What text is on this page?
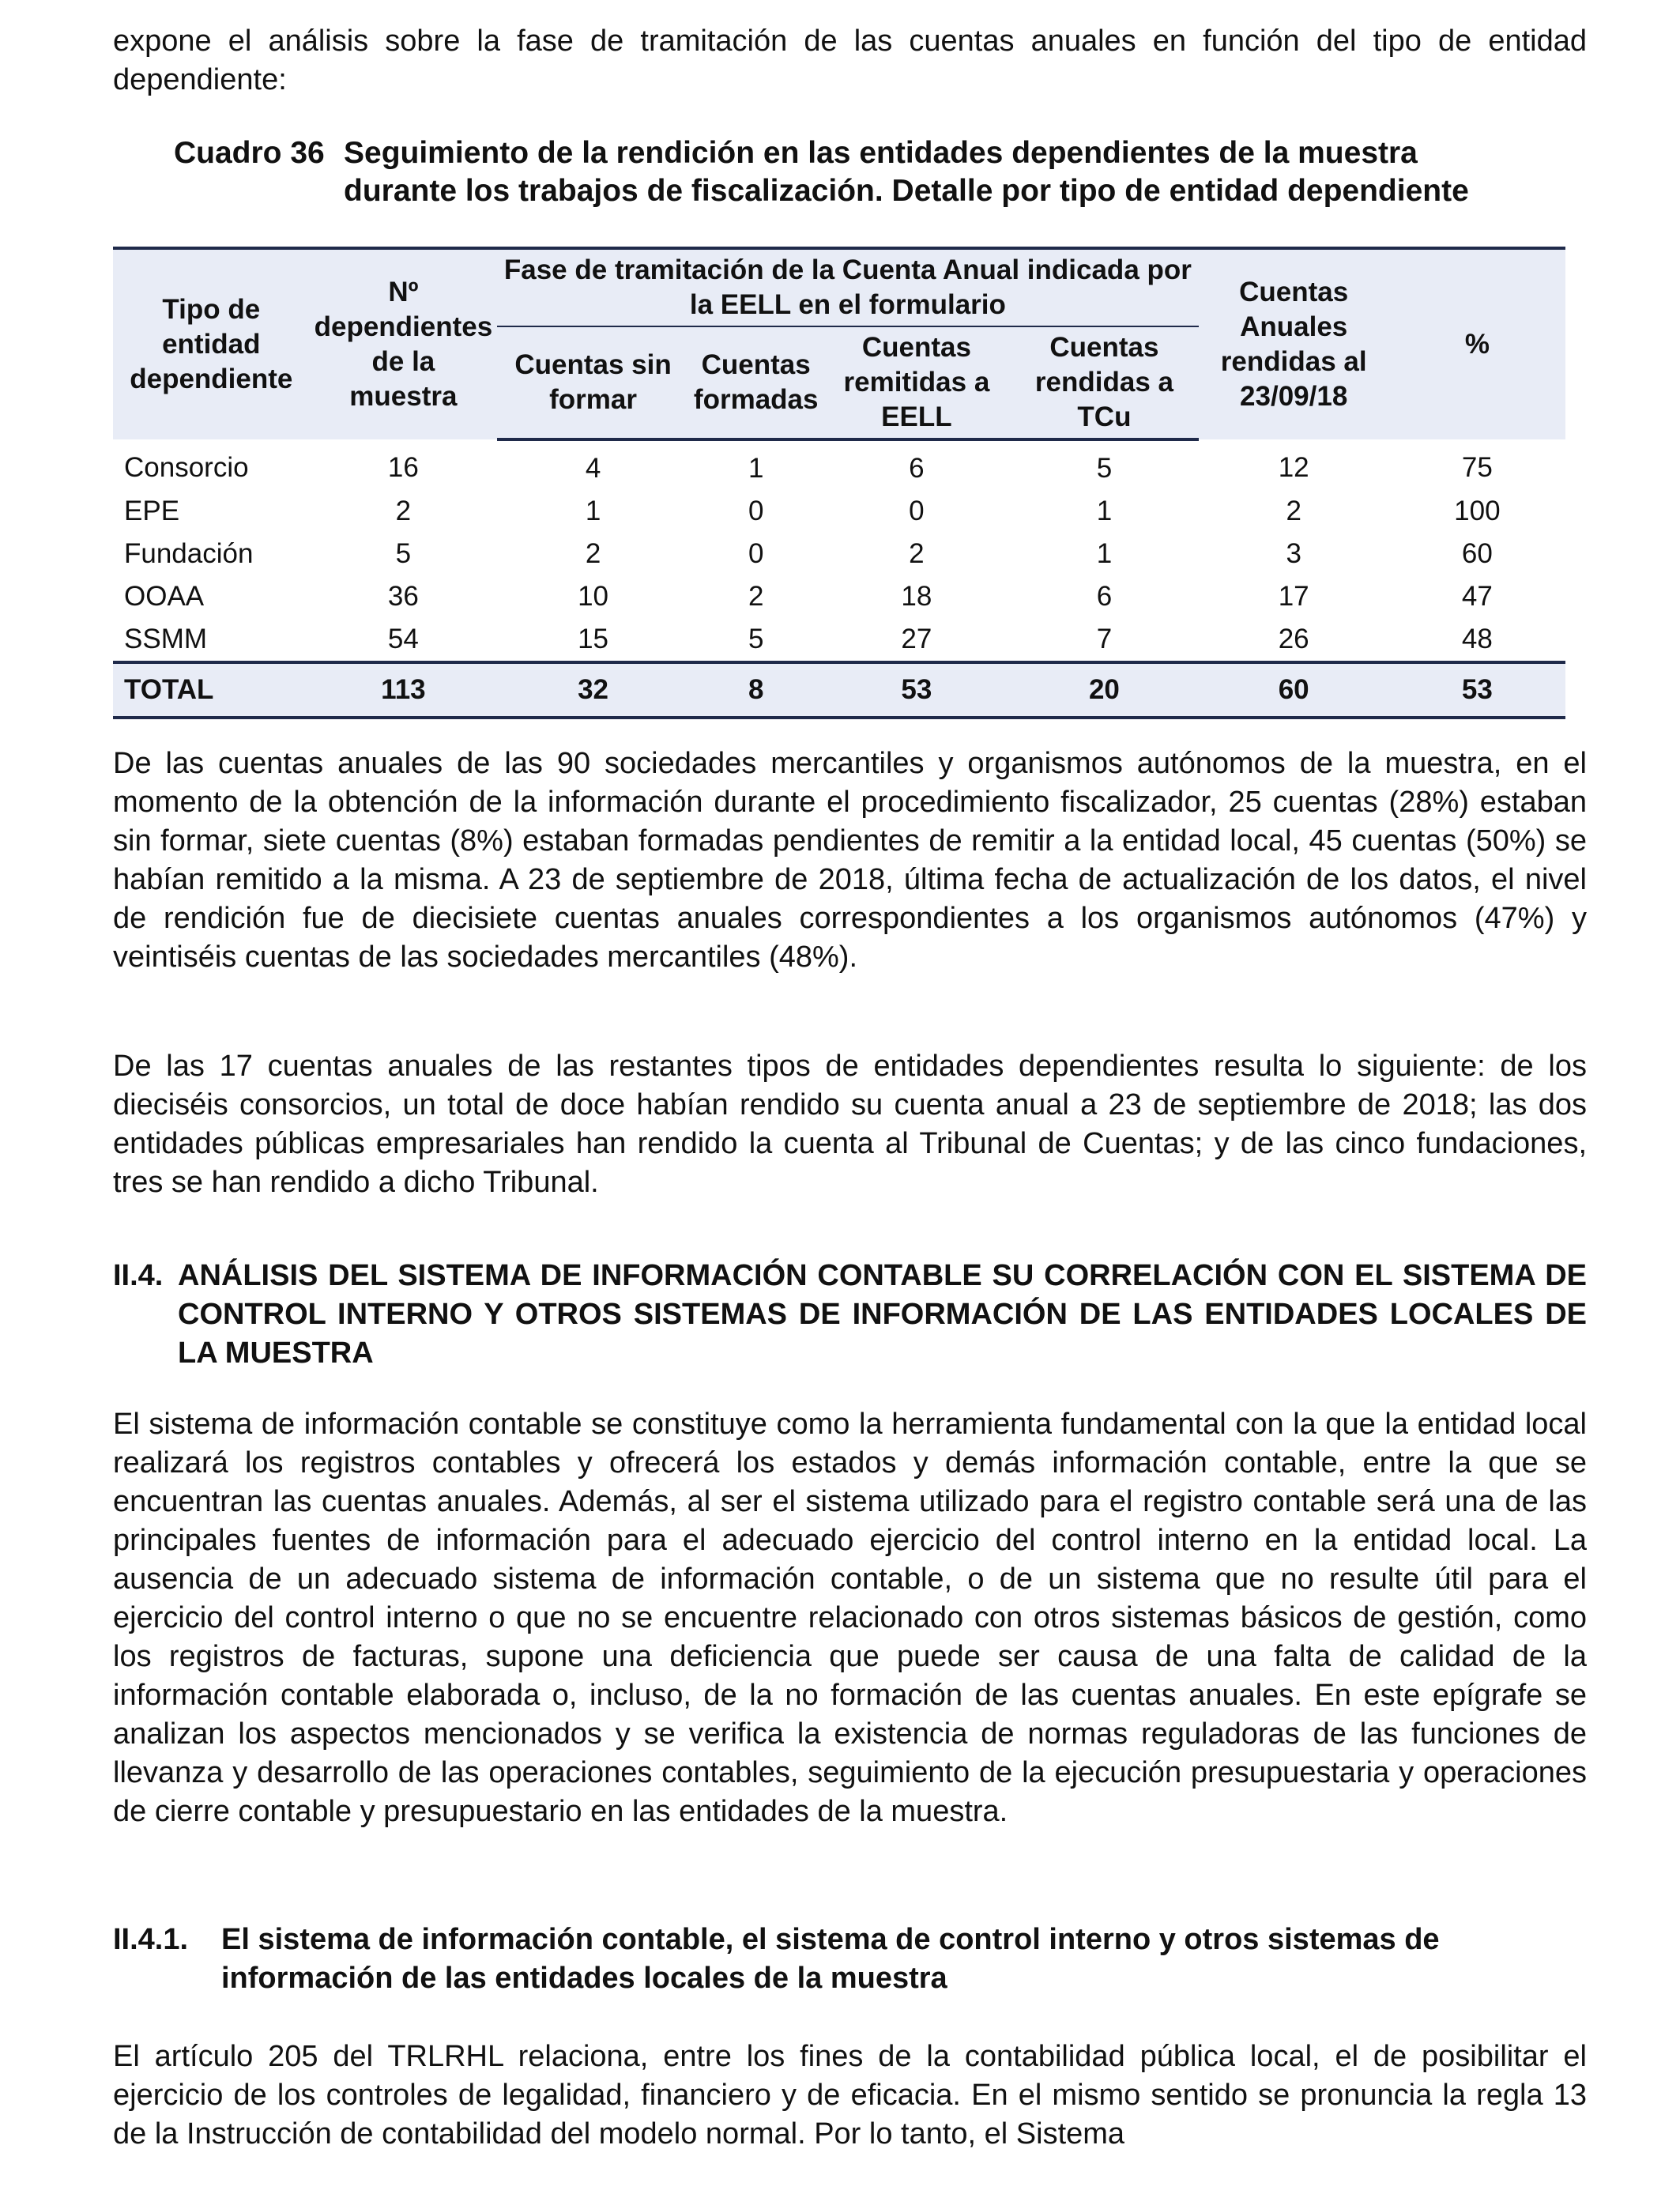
expone el análisis sobre la fase de tramitación de las cuentas anuales en función del tipo de entidad dependiente:

Cuadro 36 Seguimiento de la rendición en las entidades dependientes de la muestra
durante los trabajos de fiscalización. Detalle por tipo de entidad dependiente
Tipo de entidad dependiente	Nº dependientes de la muestra	Fase de tramitación de la Cuenta Anual indicada por la EELL en el formulario				Cuentas Anuales rendidas al 23/09/18	%
		Cuentas sin formar	Cuentas formadas	Cuentas remitidas a EELL	Cuentas rendidas a TCu		
Consorcio	16	4	1	6	5	12	75
EPE	2	1	0	0	1	2	100
Fundación	5	2	0	2	1	3	60
OOAA	36	10	2	18	6	17	47
SSMM	54	15	5	27	7	26	48
TOTAL	113	32	8	53	20	60	53

De las cuentas anuales de las 90 sociedades mercantiles y organismos autónomos de la muestra, en el momento de la obtención de la información durante el procedimiento fiscalizador, 25 cuentas (28%) estaban sin formar, siete cuentas (8%) estaban formadas pendientes de remitir a la entidad local, 45 cuentas (50%) se habían remitido a la misma. A 23 de septiembre de 2018, última fecha de actualización de los datos, el nivel de rendición fue de diecisiete cuentas anuales correspondientes a los organismos autónomos (47%) y veintiséis cuentas de las sociedades mercantiles (48%).

De las 17 cuentas anuales de las restantes tipos de entidades dependientes resulta lo siguiente: de los dieciséis consorcios, un total de doce habían rendido su cuenta anual a 23 de septiembre de 2018; las dos entidades públicas empresariales han rendido la cuenta al Tribunal de Cuentas; y de las cinco fundaciones, tres se han rendido a dicho Tribunal.

II.4. ANÁLISIS DEL SISTEMA DE INFORMACIÓN CONTABLE SU CORRELACIÓN CON EL SISTEMA DE CONTROL INTERNO Y OTROS SISTEMAS DE INFORMACIÓN DE LAS ENTIDADES LOCALES DE LA MUESTRA

El sistema de información contable se constituye como la herramienta fundamental con la que la entidad local realizará los registros contables y ofrecerá los estados y demás información contable, entre la que se encuentran las cuentas anuales. Además, al ser el sistema utilizado para el registro contable será una de las principales fuentes de información para el adecuado ejercicio del control interno en la entidad local. La ausencia de un adecuado sistema de información contable, o de un sistema que no resulte útil para el ejercicio del control interno o que no se encuentre relacionado con otros sistemas básicos de gestión, como los registros de facturas, supone una deficiencia que puede ser causa de una falta de calidad de la información contable elaborada o, incluso, de la no formación de las cuentas anuales. En este epígrafe se analizan los aspectos mencionados y se verifica la existencia de normas reguladoras de las funciones de llevanza y desarrollo de las operaciones contables, seguimiento de la ejecución presupuestaria y operaciones de cierre contable y presupuestario en las entidades de la muestra.

II.4.1. El sistema de información contable, el sistema de control interno y otros sistemas de información de las entidades locales de la muestra

El artículo 205 del TRLRHL relaciona, entre los fines de la contabilidad pública local, el de posibilitar el ejercicio de los controles de legalidad, financiero y de eficacia. En el mismo sentido se pronuncia la regla 13 de la Instrucción de contabilidad del modelo normal. Por lo tanto, el Sistema
